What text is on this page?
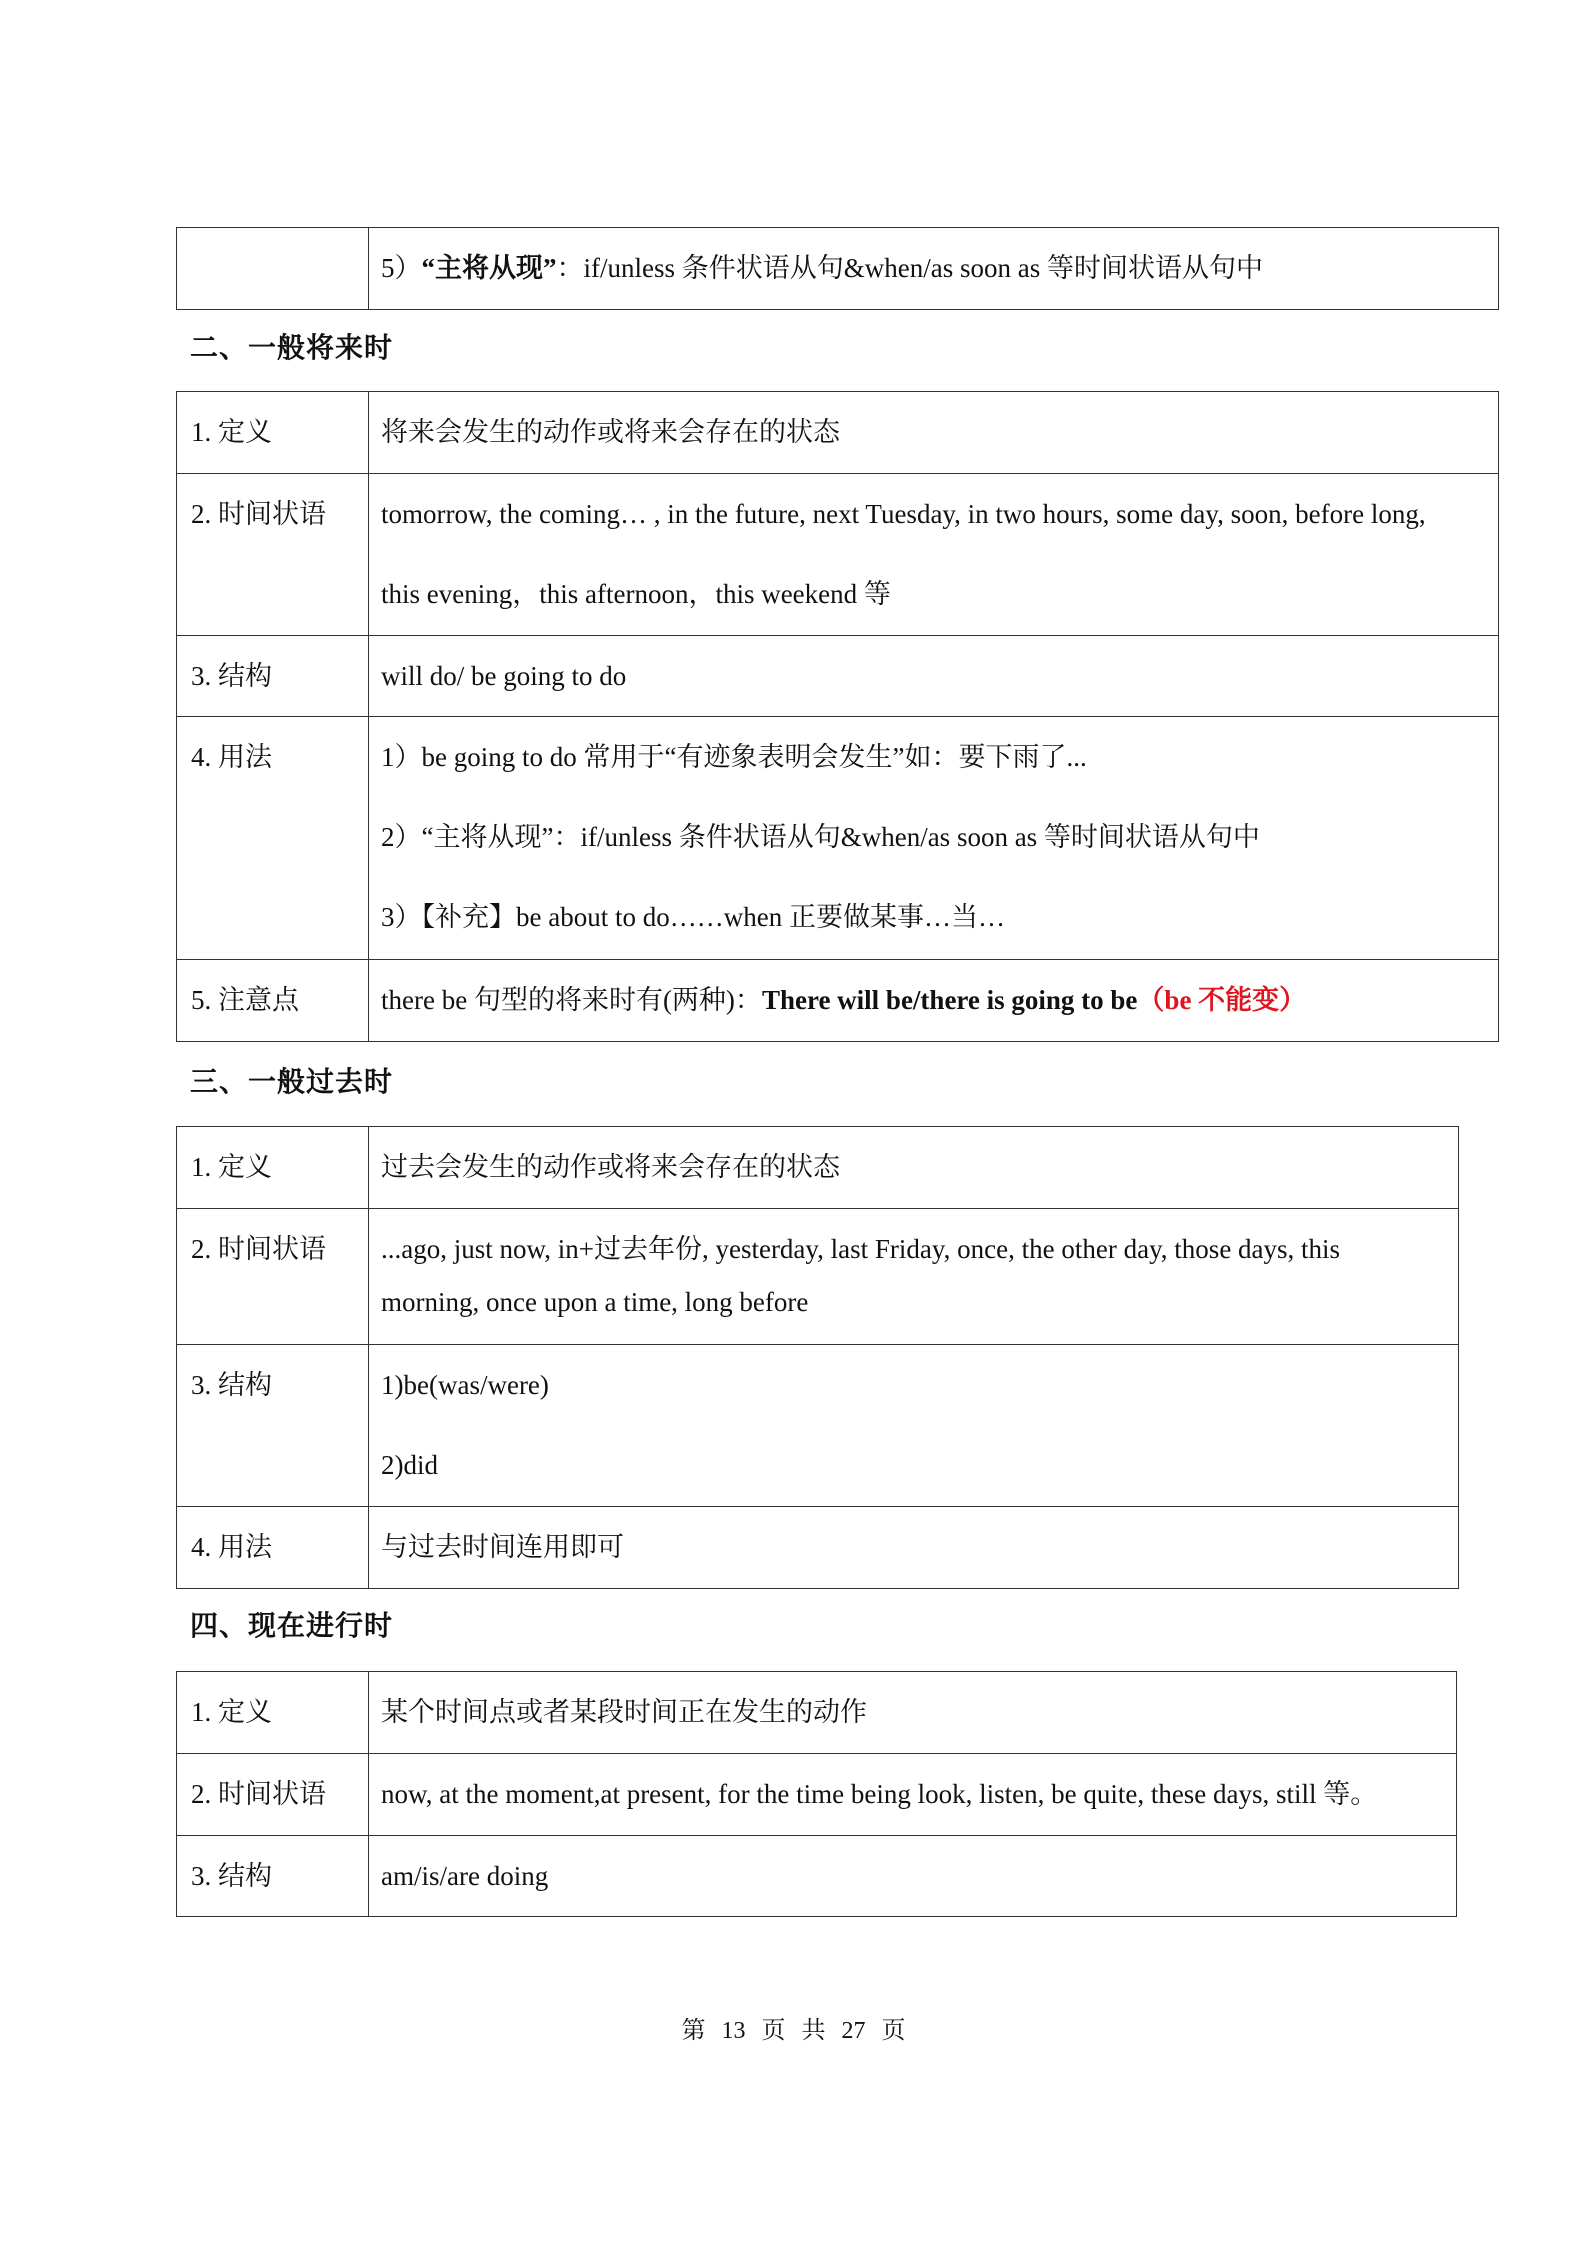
	5）“主将从现”：if/unless 条件状语从句&when/as soon as 等时间状语从句中
二、一般将来时
1. 定义	将来会发生的动作或将来会存在的状态

2. 时间状语	tomorrow, the coming… , in the future, next Tuesday, in two hours, some day, soon, before long,
this evening，this afternoon，this weekend 等

3. 结构	will do/ be going to do

4. 用法	1）be going to do 常用于“有迹象表明会发生”如：要下雨了...
2）“主将从现”：if/unless 条件状语从句&when/as soon as 等时间状语从句中
3）【补充】be about to do……when 正要做某事…当…

5. 注意点	there be 句型的将来时有(两种)：There will be/there is going to be（be 不能变）
三、一般过去时
1. 定义	过去会发生的动作或将来会存在的状态

2. 时间状语	...ago, just now, in+过去年份, yesterday, last Friday, once, the other day, those days, this
morning, once upon a time, long before

3. 结构	1)be(was/were)
2)did

4. 用法	与过去时间连用即可
四、现在进行时
1. 定义	某个时间点或者某段时间正在发生的动作

2. 时间状语	now, at the moment,at present, for the time being look, listen, be quite, these days, still 等。

3. 结构	am/is/are doing
第 13 页 共 27 页
